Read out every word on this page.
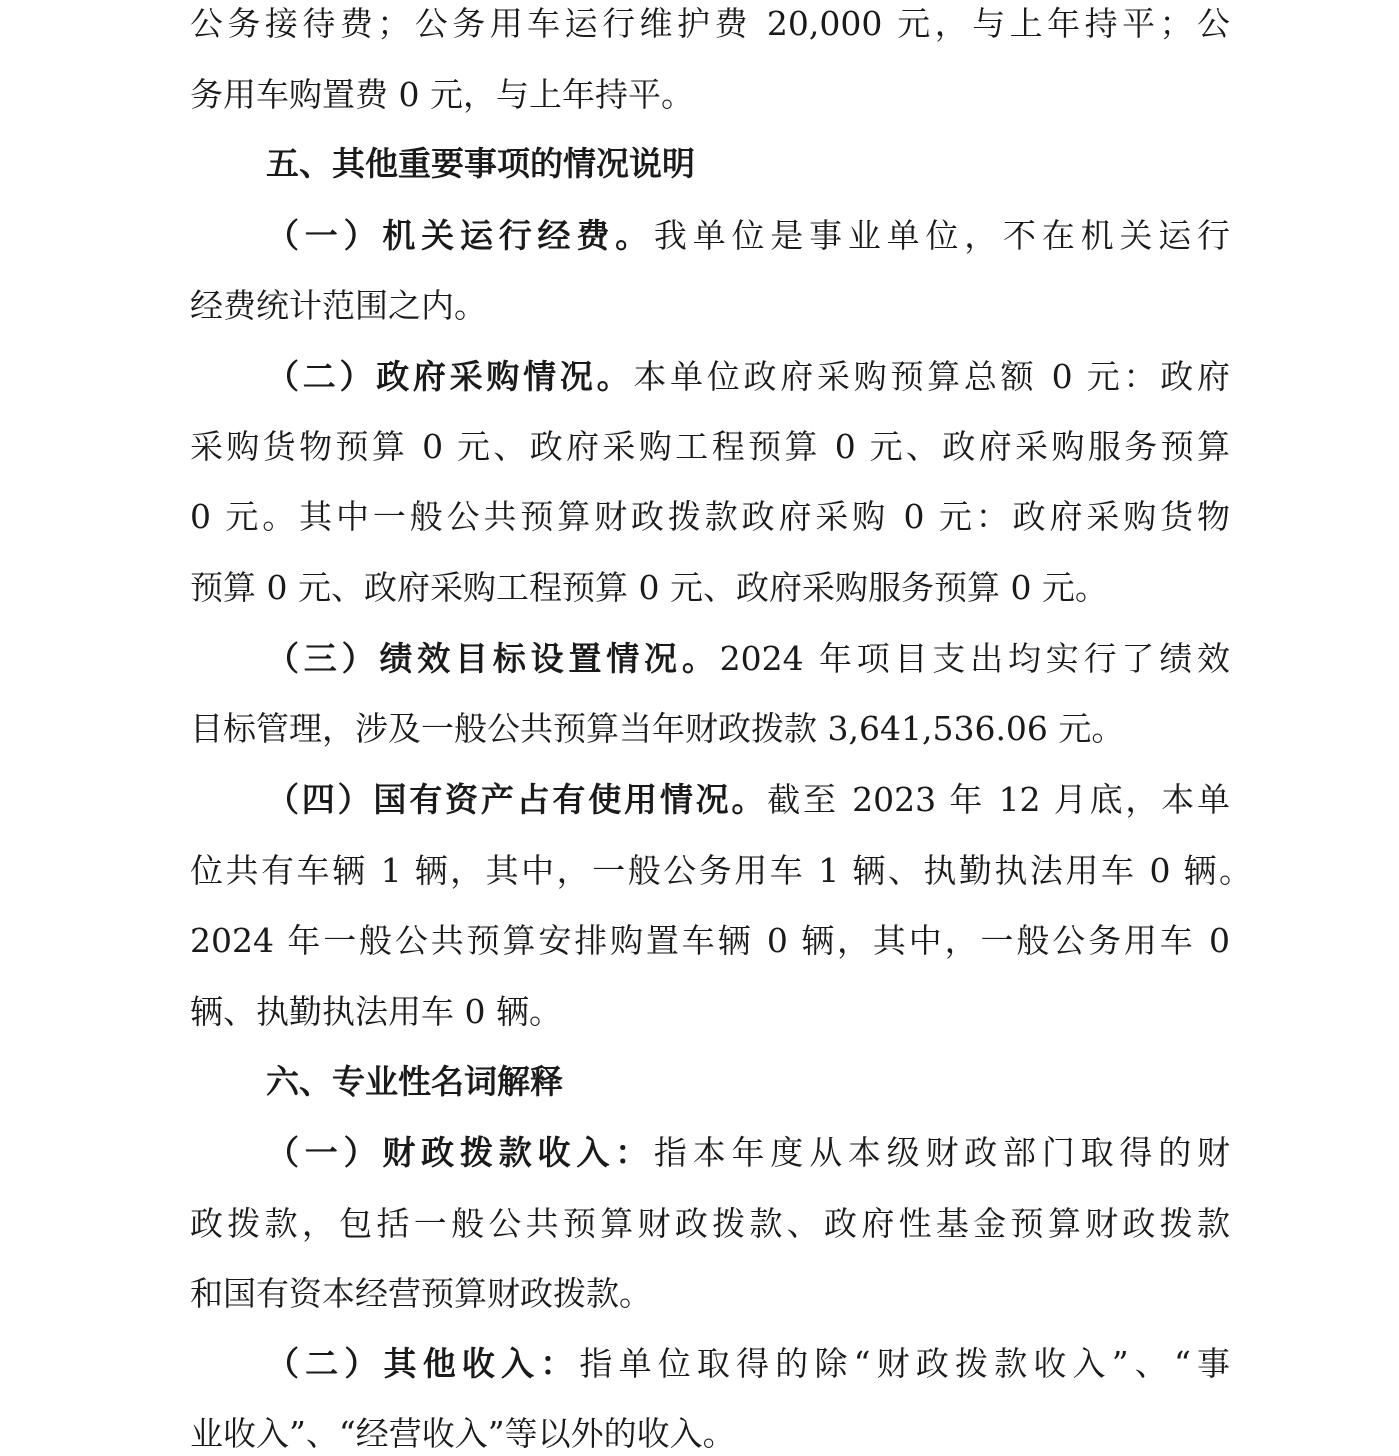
公务接待费；公务用车运行维护费 20,000 元，与上年持平；公
务用车购置费 0 元，与上年持平。
五、其他重要事项的情况说明
（一）机关运行经费。我单位是事业单位，不在机关运行
经费统计范围之内。
（二）政府采购情况。本单位政府采购预算总额 0 元：政府
采购货物预算 0 元、政府采购工程预算 0 元、政府采购服务预算
0 元。其中一般公共预算财政拨款政府采购 0 元：政府采购货物
预算 0 元、政府采购工程预算 0 元、政府采购服务预算 0 元。
（三）绩效目标设置情况。2024 年项目支出均实行了绩效
目标管理，涉及一般公共预算当年财政拨款 3,641,536.06 元。
（四）国有资产占有使用情况。截至 2023 年 12 月底，本单
位共有车辆 1 辆，其中，一般公务用车 1 辆、执勤执法用车 0 辆。
2024 年一般公共预算安排购置车辆 0 辆，其中，一般公务用车 0
辆、执勤执法用车 0 辆。
六、专业性名词解释
（一）财政拨款收入：指本年度从本级财政部门取得的财
政拨款，包括一般公共预算财政拨款、政府性基金预算财政拨款
和国有资本经营预算财政拨款。
（二）其他收入：指单位取得的除“财政拨款收入”、“事
业收入”、“经营收入”等以外的收入。
